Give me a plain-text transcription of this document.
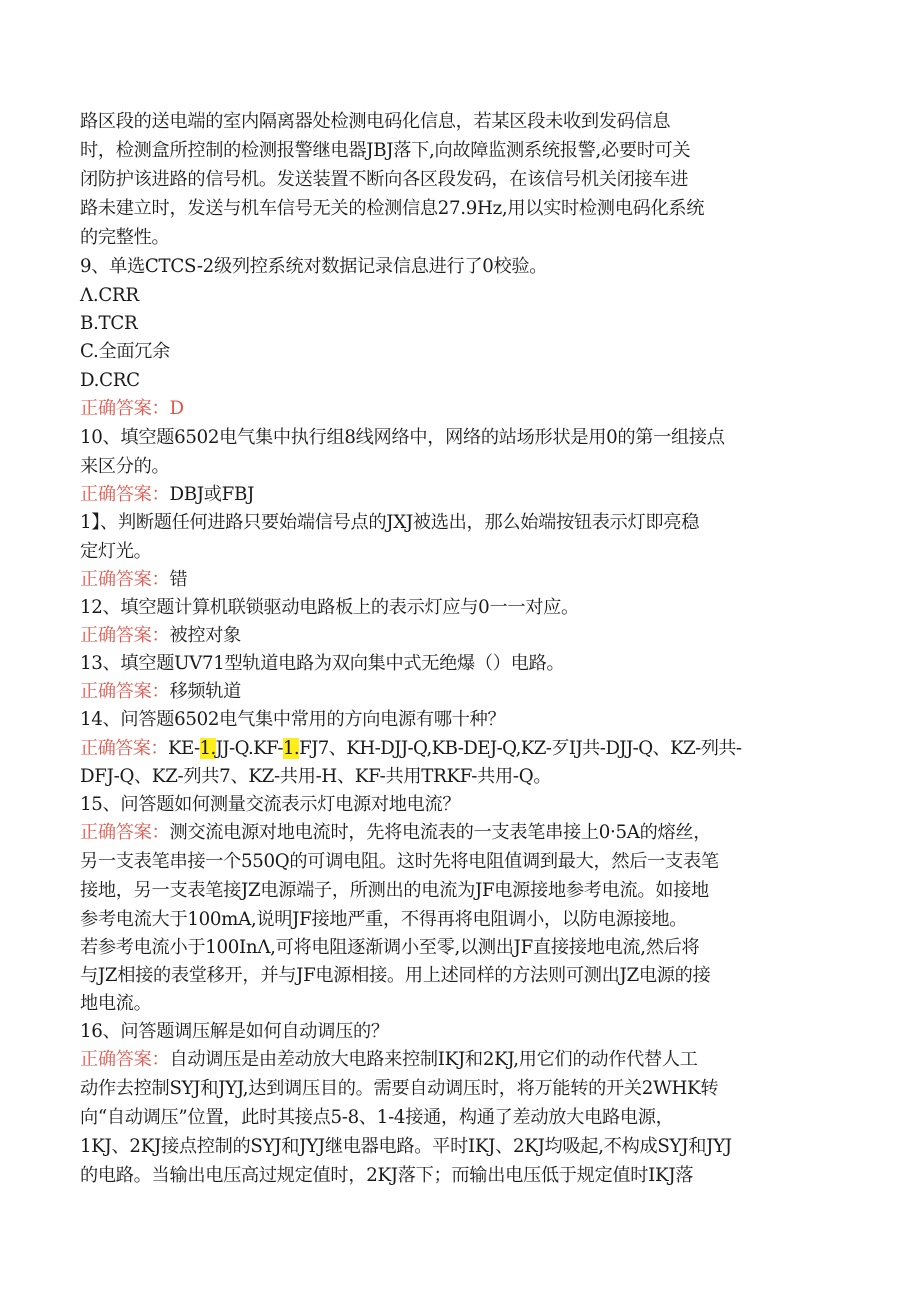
路区段的送电端的室内隔离器处检测电码化信息，若某区段未收到发码信息
时，检测盒所控制的检测报警继电器JBJ落下,向故障监测系统报警,必要时可关
闭防护该进路的信号机。发送装置不断向各区段发码，在该信号机关闭接车进
路未建立时，发送与机车信号无关的检测信息27.9Hz,用以实时检测电码化系统
的完整性。
9、单选CTCS-2级列控系统对数据记录信息进行了0校验。
Λ.CRR
B.TCR
C.全面冗余
D.CRC
正确答案：D
10、填空题6502电气集中执行组8线网络中，网络的站场形状是用0的第一组接点
来区分的。
正确答案：DBJ或FBJ
1】、判断题任何进路只要始端信号点的JXJ被选出，那么始端按钮表示灯即亮稳
定灯光。
正确答案：错
12、填空题计算机联锁驱动电路板上的表示灯应与0一一对应。
正确答案：被控对象
13、填空题UV71型轨道电路为双向集中式无绝爆（）电路。
正确答案：移频轨道
14、问答题6502电气集中常用的方向电源有哪十种？
正确答案：KE-1.JJ-Q.KF-1.FJ7、KH-DJJ-Q,KB-DEJ-Q,KZ-歹IJ共-DJJ-Q、KZ-列共-
DFJ-Q、KZ-列共7、KZ-共用-H、KF-共用TRKF-共用-Q。
15、问答题如何测量交流表示灯电源对地电流？
正确答案：测交流电源对地电流时，先将电流表的一支表笔串接上0·5A的熔丝，
另一支表笔串接一个550Q的可调电阻。这时先将电阻值调到最大，然后一支表笔
接地，另一支表笔接JZ电源端子，所测出的电流为JF电源接地参考电流。如接地
参考电流大于100mA,说明JF接地严重，不得再将电阻调小，以防电源接地。
若参考电流小于100InΛ,可将电阻逐渐调小至零,以测出JF直接接地电流,然后将
与JZ相接的表堂移开，并与JF电源相接。用上述同样的方法则可测出JZ电源的接
地电流。
16、问答题调压解是如何自动调压的？
正确答案：自动调压是由差动放大电路来控制IKJ和2KJ,用它们的动作代替人工
动作去控制SYJ和JYJ,达到调压目的。需要自动调压时，将万能转的开关2WHK转
向“自动调压”位置，此时其接点5-8、1-4接通，构通了差动放大电路电源，
1KJ、2KJ接点控制的SYJ和JYJ继电器电路。平时IKJ、2KJ均吸起,不构成SYJ和JYJ
的电路。当输出电压高过规定值时，2KJ落下；而输出电压低于规定值时IKJ落
